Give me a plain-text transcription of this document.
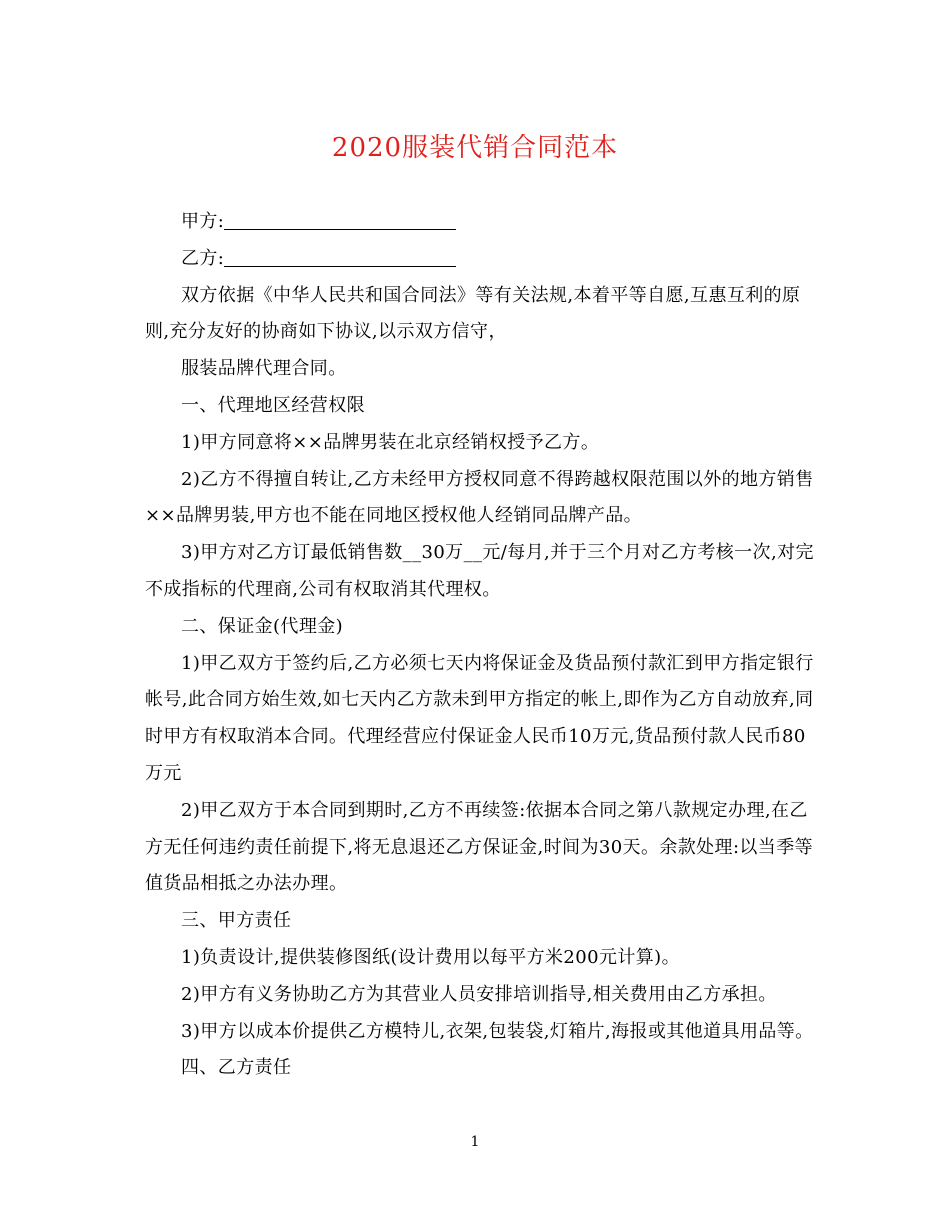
2020服装代销合同范本

甲方:

乙方:

双方依据《中华人民共和国合同法》等有关法规,本着平等自愿,互惠互利的原则,充分友好的协商如下协议,以示双方信守，

服装品牌代理合同。

一、代理地区经营权限

1)甲方同意将××品牌男装在北京经销权授予乙方。

2)乙方不得擅自转让,乙方未经甲方授权同意不得跨越权限范围以外的地方销售××品牌男装,甲方也不能在同地区授权他人经销同品牌产品。

3)甲方对乙方订最低销售数__30万__元/每月,并于三个月对乙方考核一次,对完不成指标的代理商,公司有权取消其代理权。

二、保证金(代理金)

1)甲乙双方于签约后,乙方必须七天内将保证金及货品预付款汇到甲方指定银行帐号,此合同方始生效,如七天内乙方款未到甲方指定的帐上,即作为乙方自动放弃,同时甲方有权取消本合同。代理经营应付保证金人民币10万元,货品预付款人民币80万元

2)甲乙双方于本合同到期时,乙方不再续签:依据本合同之第八款规定办理,在乙方无任何违约责任前提下,将无息退还乙方保证金,时间为30天。余款处理:以当季等值货品相抵之办法办理。

三、甲方责任

1)负责设计,提供装修图纸(设计费用以每平方米200元计算)。

2)甲方有义务协助乙方为其营业人员安排培训指导,相关费用由乙方承担。

3)甲方以成本价提供乙方模特儿,衣架,包装袋,灯箱片,海报或其他道具用品等。

四、乙方责任

1
